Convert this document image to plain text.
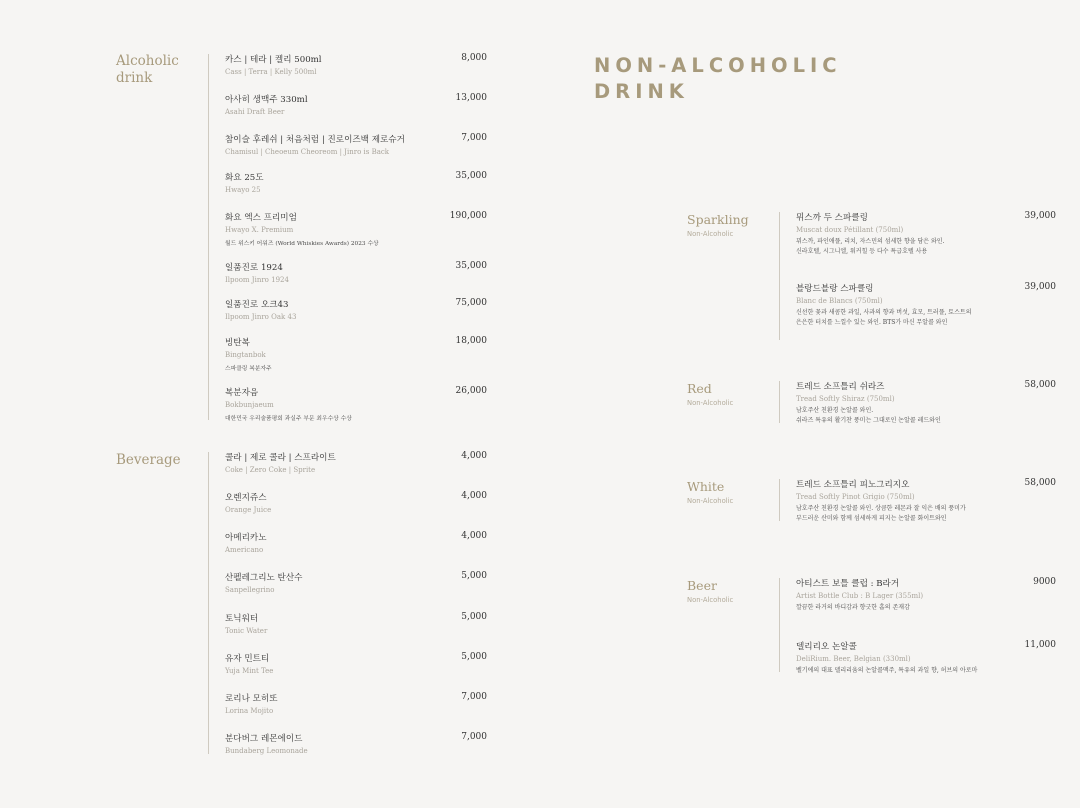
Alcoholic drink
카스 | 테라 | 켈리 500ml
Cass | Terra | Kelly 500ml
8,000
아사히 생맥주 330ml
Asahi Draft Beer
13,000
참이슬 후레쉬 | 처음처럼 | 진로이즈백 제로슈거
Chamisul | Cheoeum Cheoreom | Jinro is Back
7,000
화요 25도
Hwayo 25
35,000
화요 엑스 프리미엄
Hwayo X. Premium
월드 위스키 어워즈 (World Whiskies Awards) 2023 수상
190,000
일품진로 1924
Ilpoom Jinro 1924
35,000
일품진로 오크43
Ilpoom Jinro Oak 43
75,000
빙탄복
Bingtanbok
스파클링 복분자주
18,000
복분자음
Bokbunjaeum
대한민국 우리술품평회 과실주 부문 최우수상 수상
26,000
Beverage	콜라 | 제로 콜라 | 스프라이트
Coke | Zero Coke | Sprite
4,000
오렌지쥬스
Orange Juice
4,000
아메리카노
Americano
4,000
산펠레그리노 탄산수
Sanpellegrino
5,000
토닉워터
Tonic Water
5,000
유자 민트티
Yuja Mint Tee
5,000
로리나 모히또
Lorina Mojito
7,000
분다버그 레몬에이드
Bundaberg Leomonade
7,000
NON-ALCOHOLIC
DRINK
Sparkling
Non-Alcoholic
뮈스까 두 스파클링
Muscat doux Pétillant (750ml)
뮈스까, 파인애플, 리치, 자스민의 섬세한 향을 담은 와인.
신라호텔, 시그니엘, 워커힐 등 다수 특급호텔 사용
39,000
블랑드블랑 스파클링
Blanc de Blancs (750ml)
신선한 꽃과 새콤한 과일, 사과의 향과 버섯, 효모, 트러플, 토스트의
은은한 터치를 느낄수 있는 와인. BTS가 마신 무알콜 와인
39,000
Red
Non-Alcoholic
트레드 소프틀리 쉬라즈
Tread Softly Shiraz (750ml)
남호주산 친환경 논알콜 와인.
쉬라즈 특유의 활기찬 풍미는 그대로인 논알콜 레드와인
58,000
White
Non-Alcoholic
트레드 소프틀리 피노그리지오
Tread Softly Pinot Grigio (750ml)
남호주산 친환경 논알콜 와인. 상큼한 레몬과 잘 익은 배의 풍미가
부드러운 산미와 함께 섬세하게 피지는 논알콜 화이트와인
58,000
Beer
Non-Alcoholic
아티스트 보틀 클럽 : B라거
Artist Bottle Club : B Lager (355ml)
깔끔한 라거의 바디감과 향긋한 홉의 존재감
9000
델리리오 논알콜
DeliRium. Beer, Belgian (330ml)
벨기에의 대표 델리리움의 논알콜맥주, 특유의 과일 향, 허브의 아로마
11,000
